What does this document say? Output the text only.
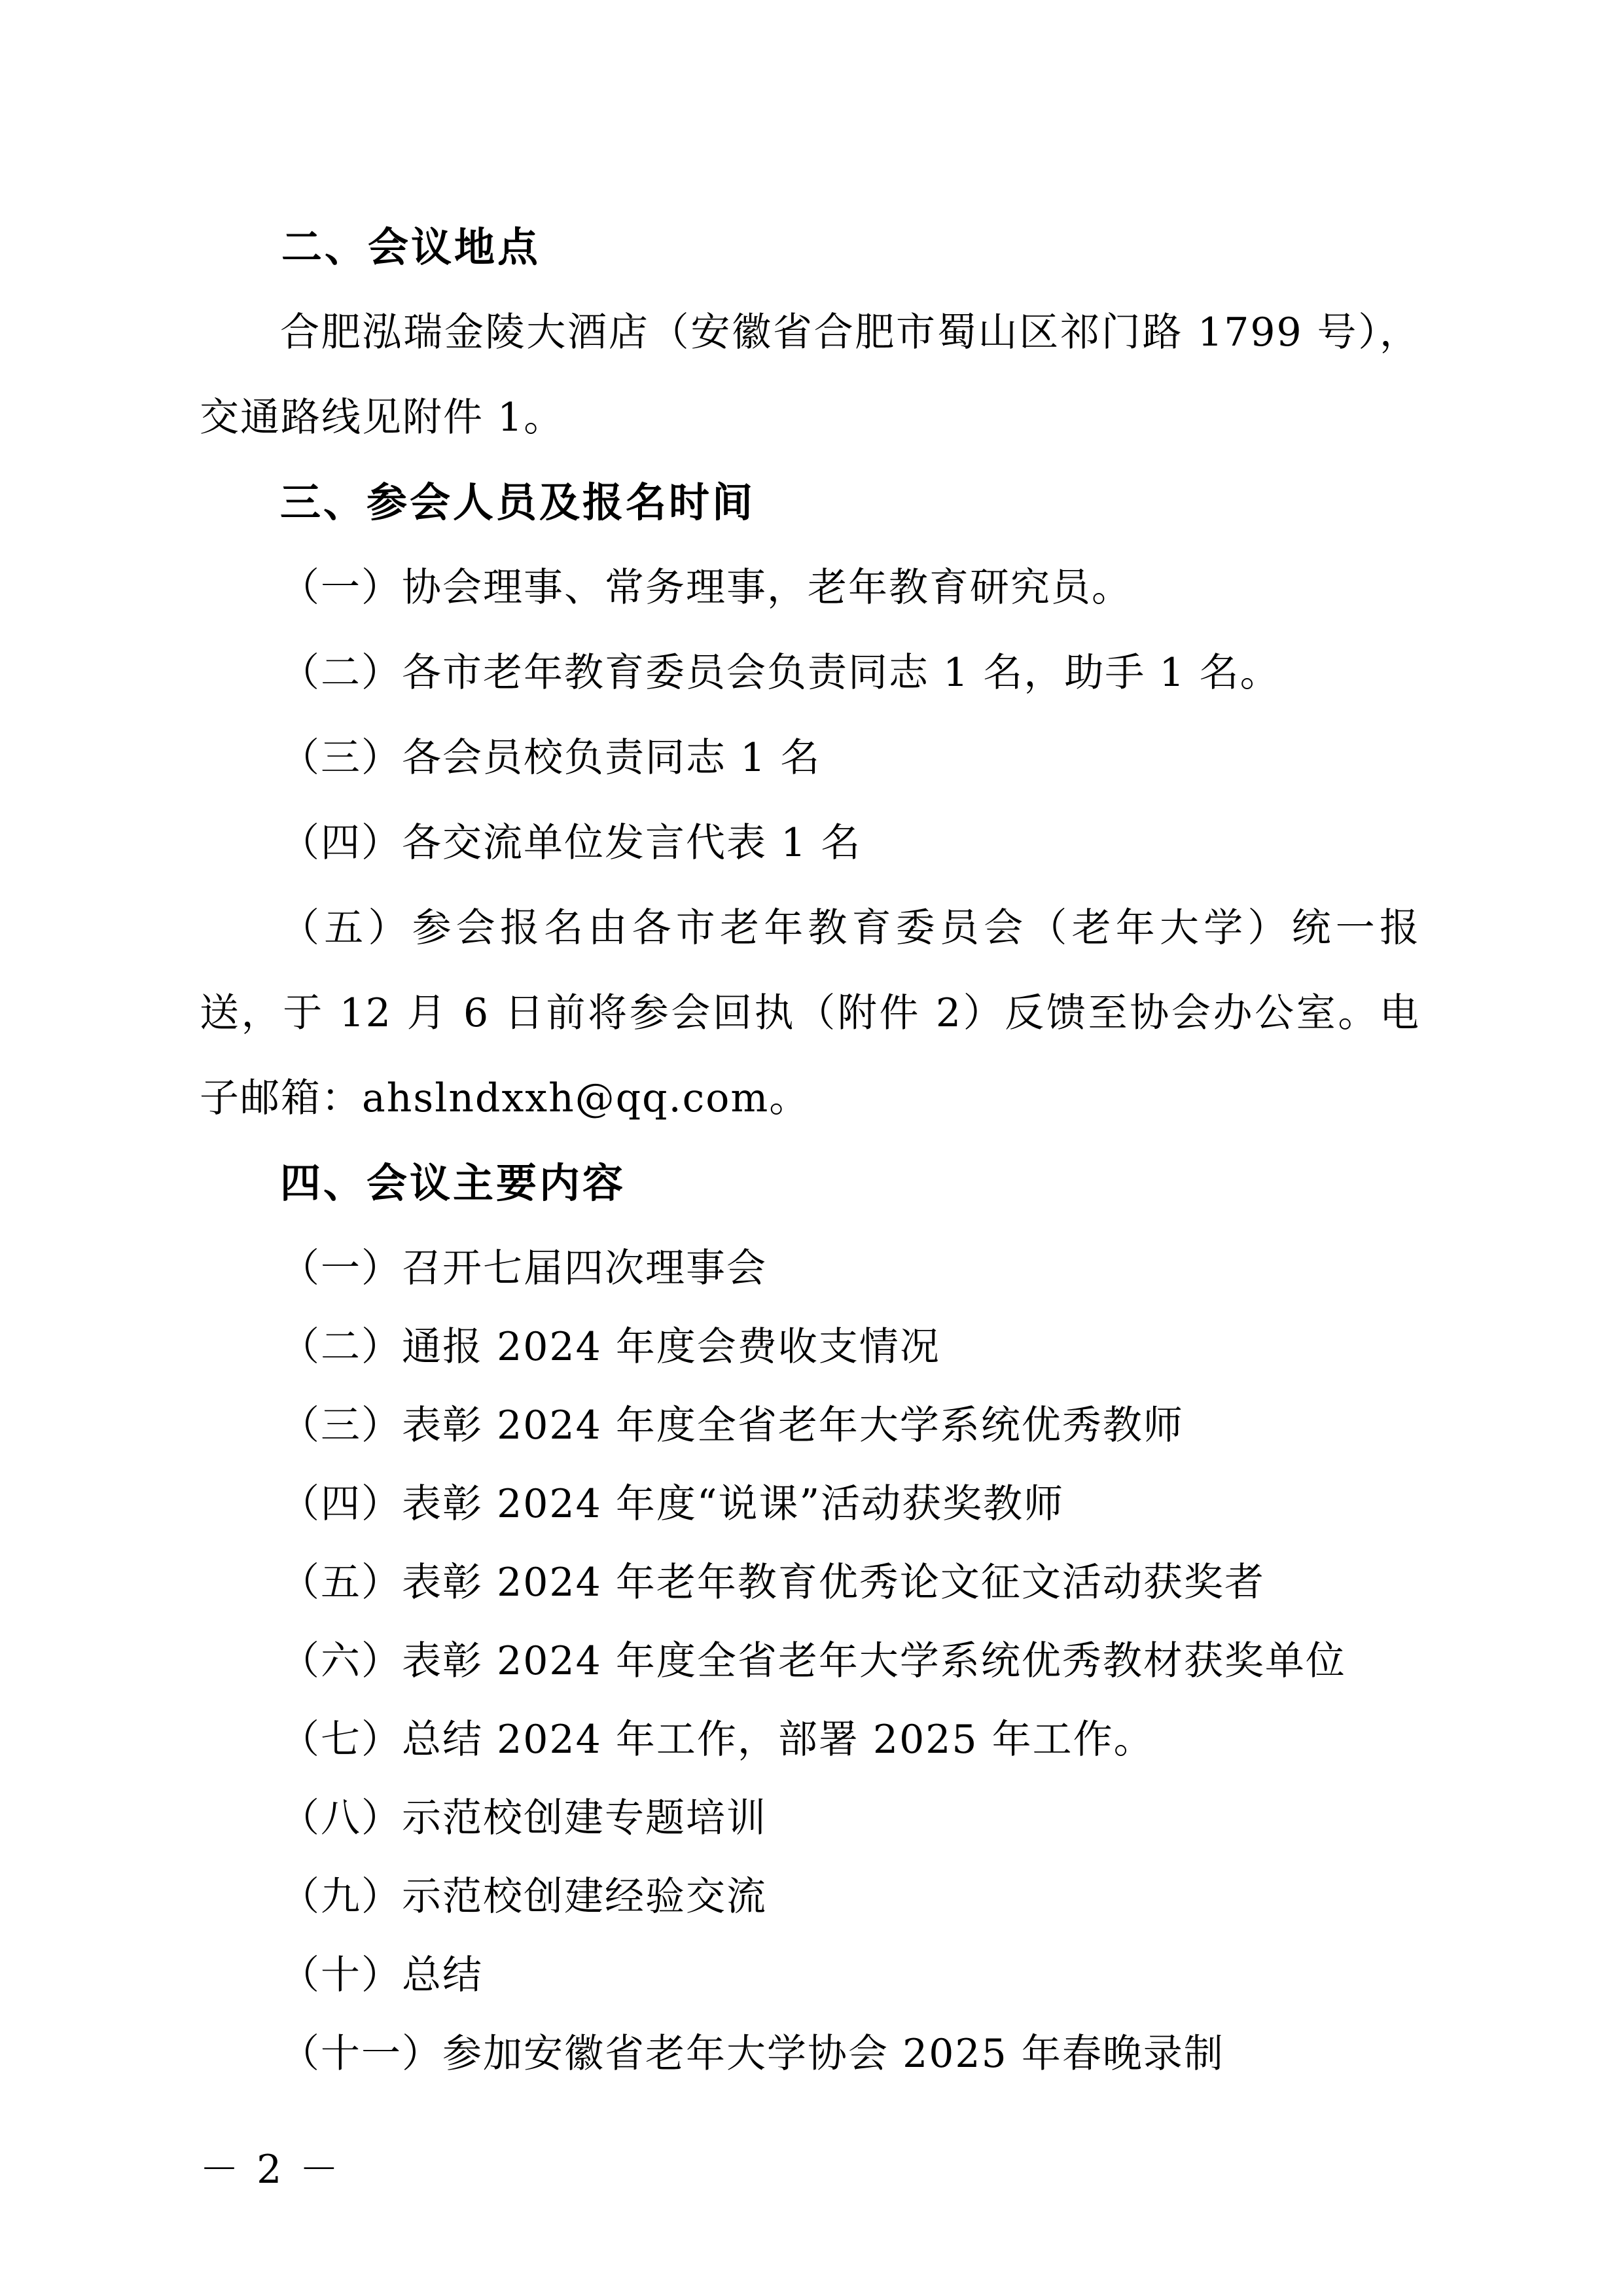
二、会议地点
合肥泓瑞金陵大酒店（安徽省合肥市蜀山区祁门路 1799 号），
交通路线见附件 1。
三、参会人员及报名时间
（一）协会理事、常务理事，老年教育研究员。
（二）各市老年教育委员会负责同志 1 名，助手 1 名。
（三）各会员校负责同志 1 名
（四）各交流单位发言代表 1 名
（五）参会报名由各市老年教育委员会（老年大学）统一报
送，于 12 月 6 日前将参会回执（附件 2）反馈至协会办公室。电
子邮箱：ahslndxxh@qq.com。
四、会议主要内容
（一）召开七届四次理事会
（二）通报 2024 年度会费收支情况
（三）表彰 2024 年度全省老年大学系统优秀教师
（四）表彰 2024 年度“说课”活动获奖教师
（五）表彰 2024 年老年教育优秀论文征文活动获奖者
（六）表彰 2024 年度全省老年大学系统优秀教材获奖单位
（七）总结 2024 年工作，部署 2025 年工作。
（八）示范校创建专题培训
（九）示范校创建经验交流
（十）总结
（十一）参加安徽省老年大学协会 2025 年春晚录制
－ 2 －
